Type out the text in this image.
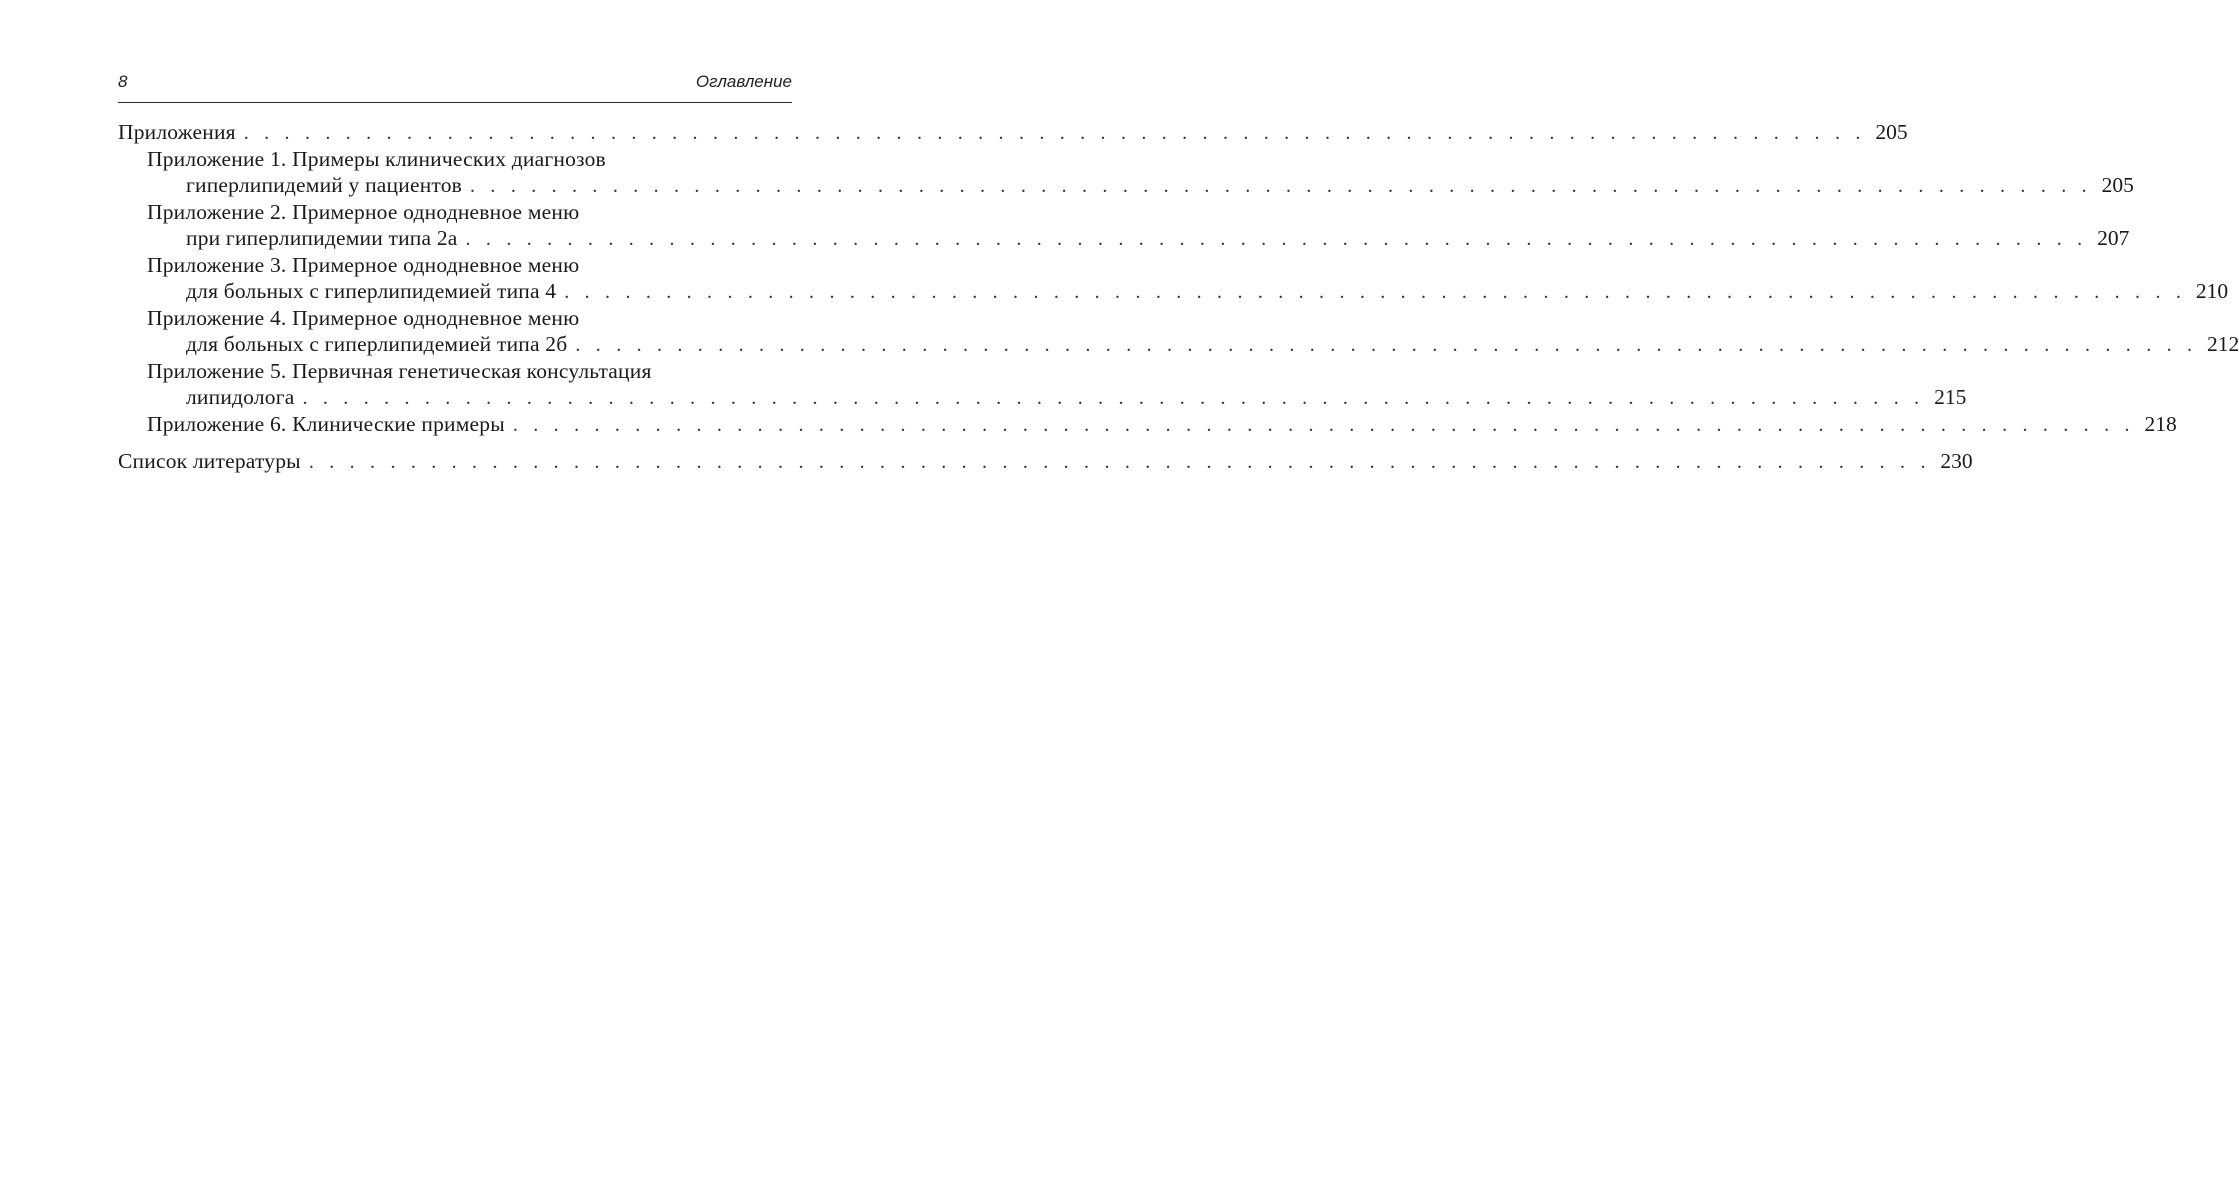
8	Оглавление
Приложения . . . . . . . . . . . . . . . . . . . . . . . . . . . . . . . . . . . . . . . . . . . . . . . . . . . . . . . . . . . . . . . . . . . . . . . . . . . . . . . . 205
Приложение 1. Примеры клинических диагнозов
гиперлипидемий у пациентов . . . . . . . . . . . . . . . . . . . . . . . . . . . . . . . . . . . . . . . . . . . . . . . . . . . . . . . . . . . . . . . . . . . . . . . . . . . . . . . . 205
Приложение 2. Примерное однодневное меню
при гиперлипидемии типа 2а . . . . . . . . . . . . . . . . . . . . . . . . . . . . . . . . . . . . . . . . . . . . . . . . . . . . . . . . . . . . . . . . . . . . . . . . . . . . . . . . 207
Приложение 3. Примерное однодневное меню
для больных с гиперлипидемией типа 4 . . . . . . . . . . . . . . . . . . . . . . . . . . . . . . . . . . . . . . . . . . . . . . . . . . . . . . . . . . . . . . . . . . . . . . . . . . . . . . . . 210
Приложение 4. Примерное однодневное меню
для больных с гиперлипидемией типа 2б . . . . . . . . . . . . . . . . . . . . . . . . . . . . . . . . . . . . . . . . . . . . . . . . . . . . . . . . . . . . . . . . . . . . . . . . . . . . . . . . 212
Приложение 5. Первичная генетическая консультация
липидолога . . . . . . . . . . . . . . . . . . . . . . . . . . . . . . . . . . . . . . . . . . . . . . . . . . . . . . . . . . . . . . . . . . . . . . . . . . . . . . . . 215
Приложение 6. Клинические примеры . . . . . . . . . . . . . . . . . . . . . . . . . . . . . . . . . . . . . . . . . . . . . . . . . . . . . . . . . . . . . . . . . . . . . . . . . . . . . . . . 218
Список литературы . . . . . . . . . . . . . . . . . . . . . . . . . . . . . . . . . . . . . . . . . . . . . . . . . . . . . . . . . . . . . . . . . . . . . . . . . . . . . . . . 230
